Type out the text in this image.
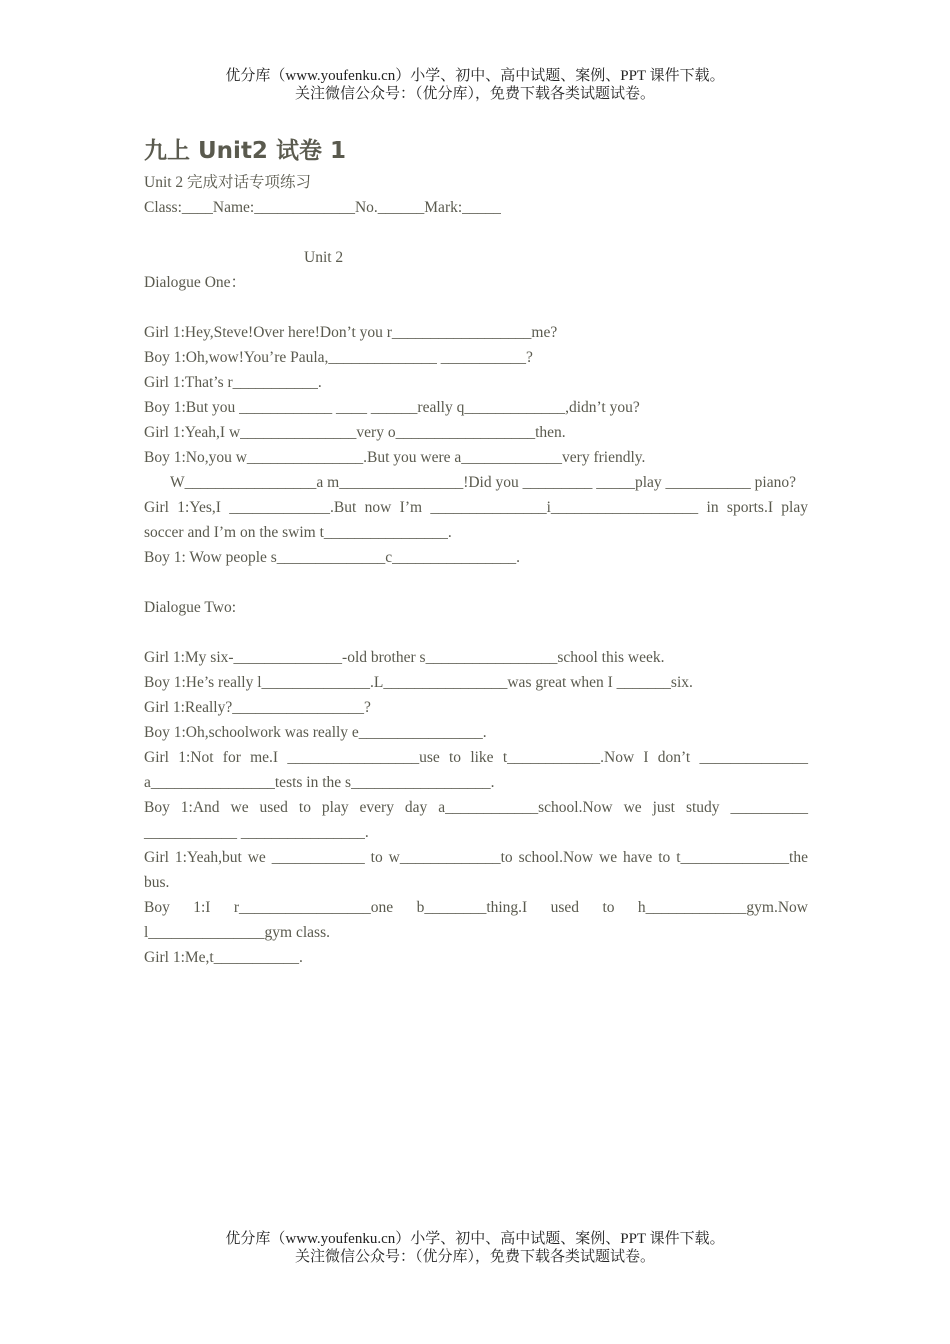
优分库（www.youfenku.cn）小学、初中、高中试题、案例、PPT 课件下载。
关注微信公众号：（优分库），免费下载各类试题试卷。
九上 Unit2 试卷 1
Unit 2 完成对话专项练习
Class:____Name:_____________No.______Mark:_____
Unit 2
Dialogue One：
Girl 1:Hey,Steve!Over here!Don’t you r__________________me?
Boy 1:Oh,wow!You’re Paula,______________ ___________?
Girl 1:That’s r___________.
Boy 1:But you ____________ ____ ______really q_____________,didn’t you?
Girl 1:Yeah,I w_______________very o__________________then.
Boy 1:No,you w_______________.But you were a_____________very friendly.
W_________________a m________________!Did you _________ _____play ___________ piano?
Girl 1:Yes,I _____________.But now I’m _______________i___________________ in sports.I play soccer and I’m on the swim t________________.
Boy 1: Wow people s______________c________________.
Dialogue Two:
Girl 1:My six-______________-old brother s_________________school this week.
Boy 1:He’s really l______________.L________________was great when I _______six.
Girl 1:Really?_________________?
Boy 1:Oh,schoolwork was really e________________.
Girl 1:Not for me.I _________________use to like t____________.Now I don’t ______________ a________________tests in the s__________________.
Boy 1:And we used to play every day a____________school.Now we just study __________ ____________ ________________.
Girl 1:Yeah,but we ____________ to w_____________to school.Now we have to t______________the bus.
Boy 1:I r_________________one b________thing.I used to h_____________gym.Now　l_______________gym class.
Girl 1:Me,t___________.
优分库（www.youfenku.cn）小学、初中、高中试题、案例、PPT 课件下载。
关注微信公众号：（优分库），免费下载各类试题试卷。
